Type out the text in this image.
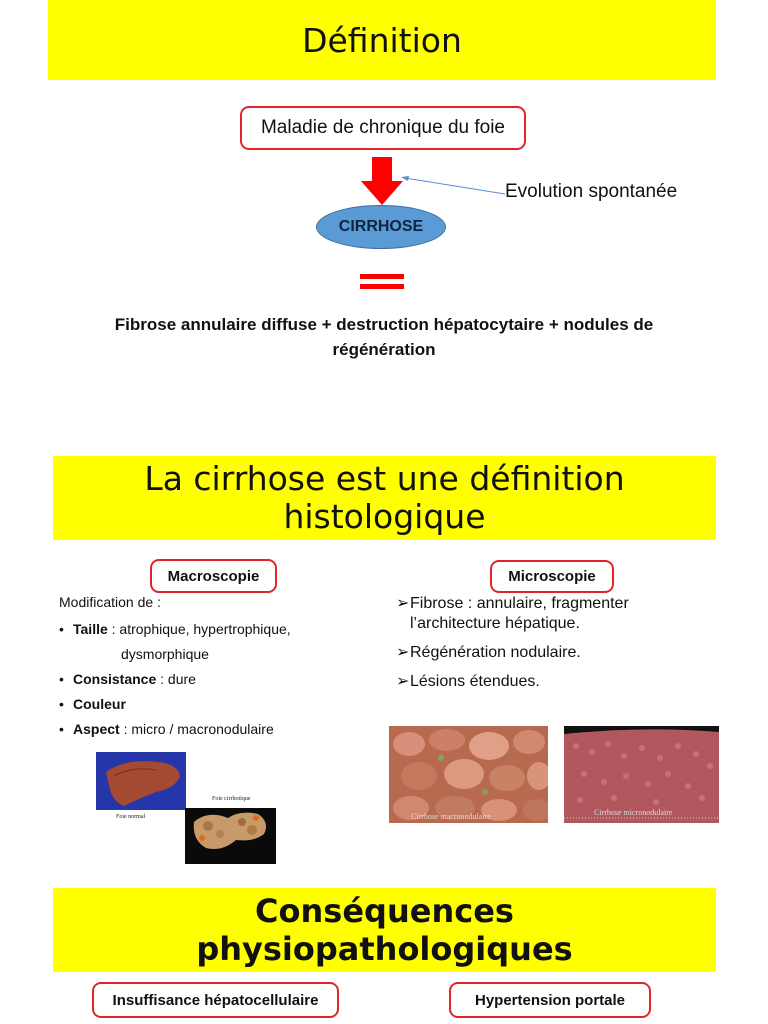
Définition
Maladie de chronique du foie
Evolution spontanée
CIRRHOSE
Fibrose annulaire diffuse + destruction hépatocytaire + nodules de
régénération
La cirrhose est une définition
histologique
Macroscopie	Microscopie
Modification de :
• Taille : atrophique, hypertrophique,
dysmorphique
• Consistance : dure
• Couleur
• Aspect : micro / macronodulaire
➢ Fibrose : annulaire, fragmenter
l’architecture hépatique.
➢ Régénération nodulaire.
➢ Lésions étendues.
Foie normal
Foie cirrhotique
Cirrhose macronodulaire	Cirrhose micronodulaire
Conséquences
physiopathologiques
Insuffisance hépatocellulaire	Hypertension portale
